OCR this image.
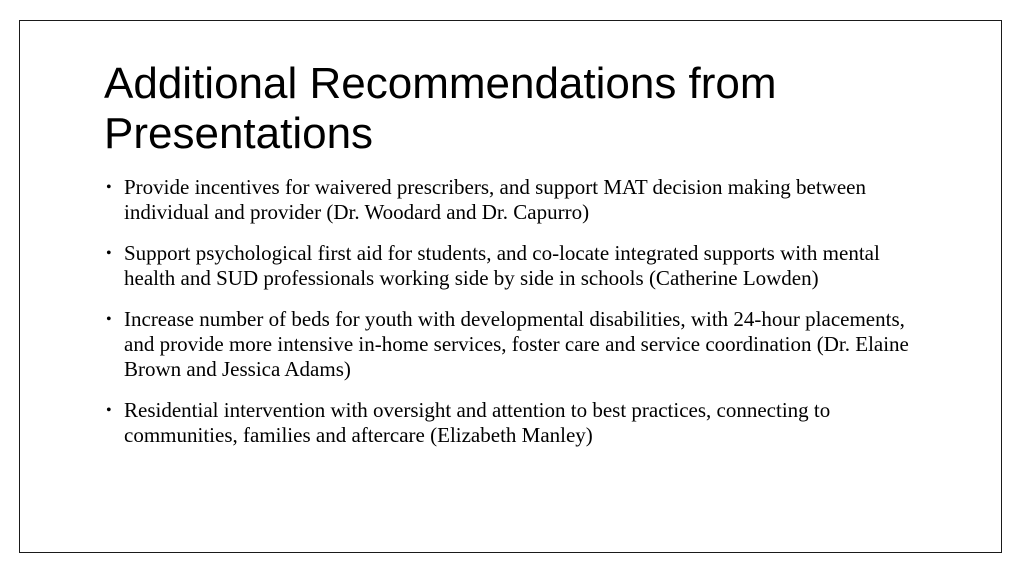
Additional Recommendations from Presentations
• Provide incentives for waivered prescribers, and support MAT decision making between individual and provider (Dr. Woodard and Dr. Capurro)
• Support psychological first aid for students, and co-locate integrated supports with mental health and SUD professionals working side by side in schools (Catherine Lowden)
• Increase number of beds for youth with developmental disabilities, with 24-hour placements, and provide more intensive in-home services, foster care and service coordination (Dr. Elaine Brown and Jessica Adams)
• Residential intervention with oversight and attention to best practices, connecting to communities, families and aftercare (Elizabeth Manley)
